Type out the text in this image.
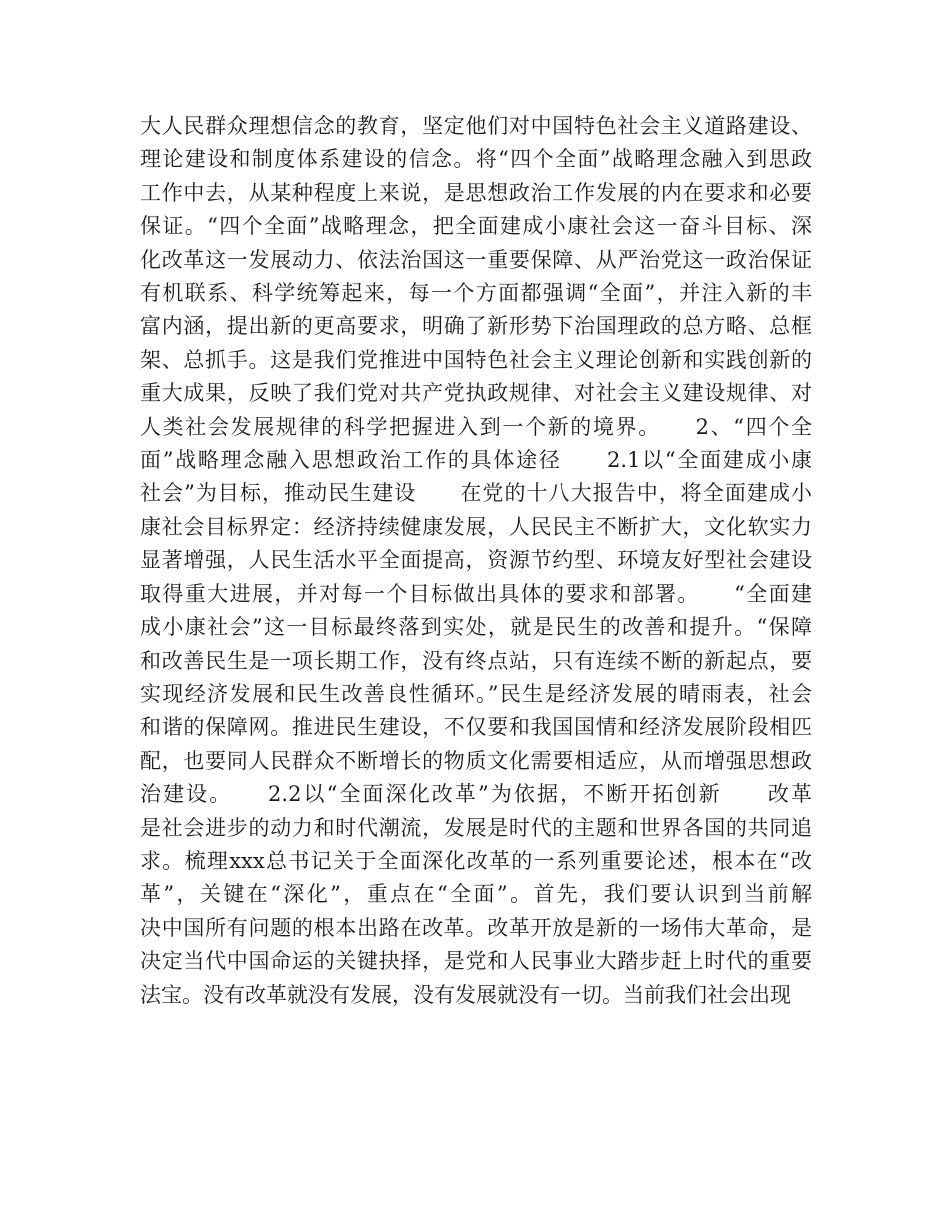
大人民群众理想信念的教育，坚定他们对中国特色社会主义道路建设、
理论建设和制度体系建设的信念。将“四个全面”战略理念融入到思政
工作中去，从某种程度上来说，是思想政治工作发展的内在要求和必要
保证。“四个全面”战略理念，把全面建成小康社会这一奋斗目标、深
化改革这一发展动力、依法治国这一重要保障、从严治党这一政治保证
有机联系、科学统筹起来，每一个方面都强调“全面”，并注入新的丰
富内涵，提出新的更高要求，明确了新形势下治国理政的总方略、总框
架、总抓手。这是我们党推进中国特色社会主义理论创新和实践创新的
重大成果，反映了我们党对共产党执政规律、对社会主义建设规律、对
人类社会发展规律的科学把握进入到一个新的境界。　　2、“四个全
面”战略理念融入思想政治工作的具体途径　　2.1以“全面建成小康
社会”为目标，推动民生建设　　在党的十八大报告中，将全面建成小
康社会目标界定：经济持续健康发展，人民民主不断扩大，文化软实力
显著增强，人民生活水平全面提高，资源节约型、环境友好型社会建设
取得重大进展，并对每一个目标做出具体的要求和部署。　　“全面建
成小康社会”这一目标最终落到实处，就是民生的改善和提升。“保障
和改善民生是一项长期工作，没有终点站，只有连续不断的新起点，要
实现经济发展和民生改善良性循环。”民生是经济发展的晴雨表，社会
和谐的保障网。推进民生建设，不仅要和我国国情和经济发展阶段相匹
配，也要同人民群众不断增长的物质文化需要相适应，从而增强思想政
治建设。　　2.2以“全面深化改革”为依据，不断开拓创新　　改革
是社会进步的动力和时代潮流，发展是时代的主题和世界各国的共同追
求。梳理xxx总书记关于全面深化改革的一系列重要论述，根本在“改
革”，关键在“深化”，重点在“全面”。首先，我们要认识到当前解
决中国所有问题的根本出路在改革。改革开放是新的一场伟大革命，是
决定当代中国命运的关键抉择，是党和人民事业大踏步赶上时代的重要
法宝。没有改革就没有发展，没有发展就没有一切。当前我们社会出现
